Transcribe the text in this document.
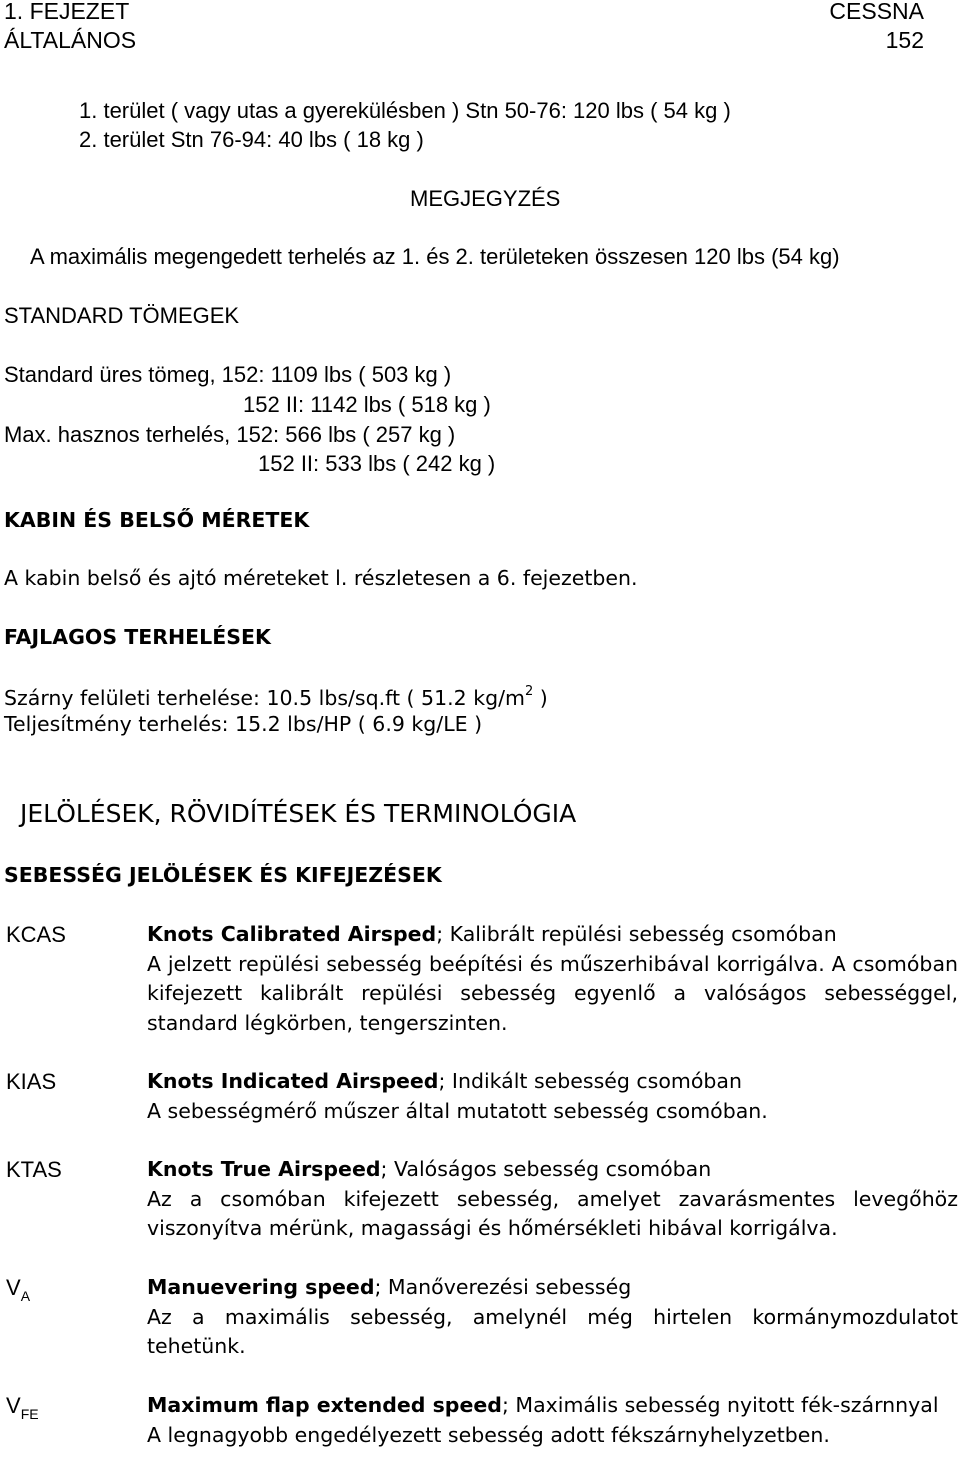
1. FEJEZET
ÁLTALÁNOS
CESSNA
152
1. terület ( vagy utas a gyerekülésben ) Stn 50-76: 120 lbs ( 54 kg )
2. terület Stn 76-94: 40 lbs ( 18 kg )
MEGJEGYZÉS
A maximális megengedett terhelés az 1. és 2. területeken összesen 120 lbs (54 kg)
STANDARD TÖMEGEK
Standard üres tömeg, 152: 1109 lbs ( 503 kg )
152 II: 1142 lbs ( 518 kg )
Max. hasznos terhelés, 152: 566 lbs ( 257 kg )
152 II: 533 lbs ( 242 kg )
KABIN ÉS BELSŐ MÉRETEK
A kabin belső és ajtó méreteket l. részletesen a 6. fejezetben.
FAJLAGOS TERHELÉSEK
Szárny felületi terhelése: 10.5 lbs/sq.ft ( 51.2 $kg/m^2$ )
Teljesítmény terhelés: 15.2 lbs/HP ( 6.9 kg/LE )
JELÖLÉSEK, RÖVIDÍTÉSEK ÉS TERMINOLÓGIA
SEBESSÉG JELÖLÉSEK ÉS KIFEJEZÉSEK
KCAS	Knots Calibrated Airsped; Kalibrált repülési sebesség csomóban

A jelzett repülési sebesség beépítési és műszerhibával korrigálva. A csomóban kifejezett kalibrált repülési sebesség egyenlő a valóságos sebességgel, standard légkörben, tengerszinten.

KIAS	Knots Indicated Airspeed; Indikált sebesség csomóban

A sebességmérő műszer által mutatott sebesség csomóban.

KTAS	Knots True Airspeed; Valóságos sebesség csomóban

Az a csomóban kifejezett sebesség, amelyet zavarásmentes levegőhöz viszonyítva mérünk, magassági és hőmérsékleti hibával korrigálva.

$V_A$	Manuevering speed; Manőverezési sebesség

Az a maximális sebesség, amelynél még hirtelen kormánymozdulatot tehetünk.

$V_{FE}$	Maximum flap extended speed; Maximális sebesség nyitott fék-szárnnyal

A legnagyobb engedélyezett sebesség adott fékszárnyhelyzetben.
